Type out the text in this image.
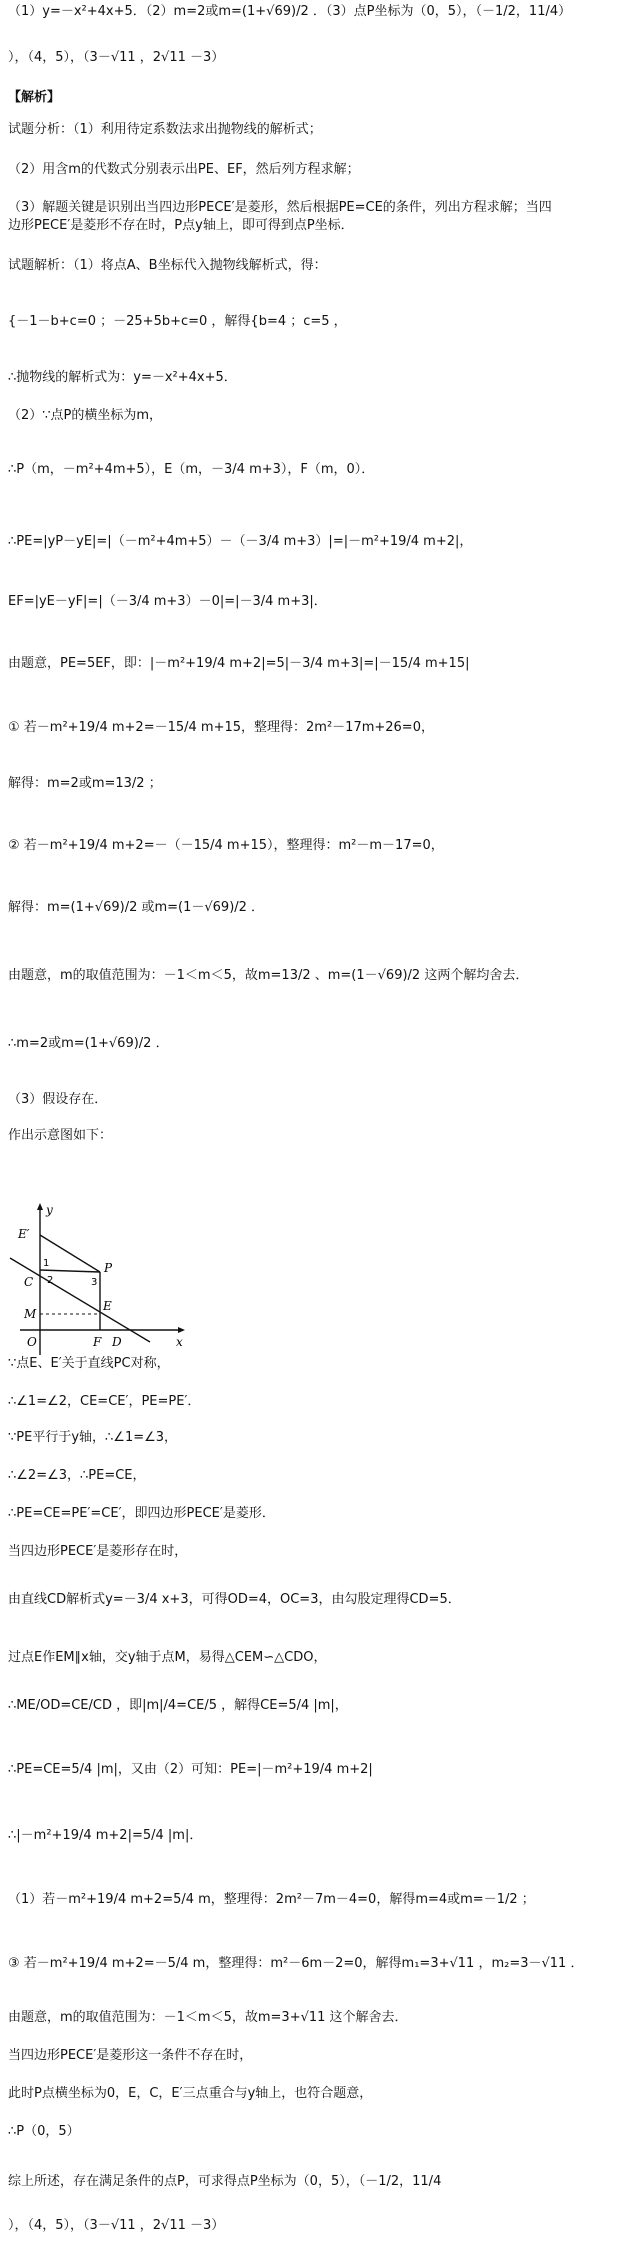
y
x
E′
P
1
3
2
C
E
M
O	F D
（1）y=－x²+4x+5．（2）m=2或m=(1+√69)/2 ．（3）点P坐标为（0，5），（－1/2，11/4）
），（4，5），（3－√11 ，2√11 －3）
【解析】
试题分析：（1）利用待定系数法求出抛物线的解析式；
（2）用含m的代数式分别表示出PE、EF，然后列方程求解；
（3）解题关键是识别出当四边形PECE′是菱形，然后根据PE=CE的条件，列出方程求解；当四
边形PECE′是菱形不存在时，P点y轴上，即可得到点P坐标．
试题解析：（1）将点A、B坐标代入抛物线解析式，得：
{－1－b+c=0 ；－25+5b+c=0 ，解得{b=4 ；c=5 ，
∴抛物线的解析式为：y=－x²+4x+5．
（2）∵点P的横坐标为m，
∴P（m，－m²+4m+5），E（m，－3/4 m+3），F（m，0）．
∴PE=|yP－yE|=|（－m²+4m+5）－（－3/4 m+3）|=|－m²+19/4 m+2|，
EF=|yE－yF|=|（－3/4 m+3）－0|=|－3/4 m+3|．
由题意，PE=5EF，即：|－m²+19/4 m+2|=5|－3/4 m+3|=|－15/4 m+15|
① 若－m²+19/4 m+2=－15/4 m+15，整理得：2m²－17m+26=0，
解得：m=2或m=13/2 ；
② 若－m²+19/4 m+2=－（－15/4 m+15），整理得：m²－m－17=0，
解得：m=(1+√69)/2 或m=(1－√69)/2 ．
由题意，m的取值范围为：－1＜m＜5，故m=13/2 、m=(1－√69)/2 这两个解均舍去．
∴m=2或m=(1+√69)/2 ．
（3）假设存在．
作出示意图如下：
∵点E、E′关于直线PC对称，
∴∠1=∠2，CE=CE′，PE=PE′．
∵PE平行于y轴，∴∠1=∠3，
∴∠2=∠3，∴PE=CE，
∴PE=CE=PE′=CE′，即四边形PECE′是菱形．
当四边形PECE′是菱形存在时，
由直线CD解析式y=－3/4 x+3，可得OD=4，OC=3，由勾股定理得CD=5．
过点E作EM∥x轴，交y轴于点M，易得△CEM∽△CDO，
∴ME/OD=CE/CD ，即|m|/4=CE/5 ，解得CE=5/4 |m|，
∴PE=CE=5/4 |m|，又由（2）可知：PE=|－m²+19/4 m+2|
∴|－m²+19/4 m+2|=5/4 |m|．
（1）若－m²+19/4 m+2=5/4 m，整理得：2m²－7m－4=0，解得m=4或m=－1/2 ；
③ 若－m²+19/4 m+2=－5/4 m，整理得：m²－6m－2=0，解得m₁=3+√11 ，m₂=3－√11 ．
由题意，m的取值范围为：－1＜m＜5，故m=3+√11 这个解舍去．
当四边形PECE′是菱形这一条件不存在时，
此时P点横坐标为0，E，C，E′三点重合与y轴上，也符合题意，
∴P（0，5）
综上所述，存在满足条件的点P，可求得点P坐标为（0，5），（－1/2，11/4
），（4，5），（3－√11 ，2√11 －3）
